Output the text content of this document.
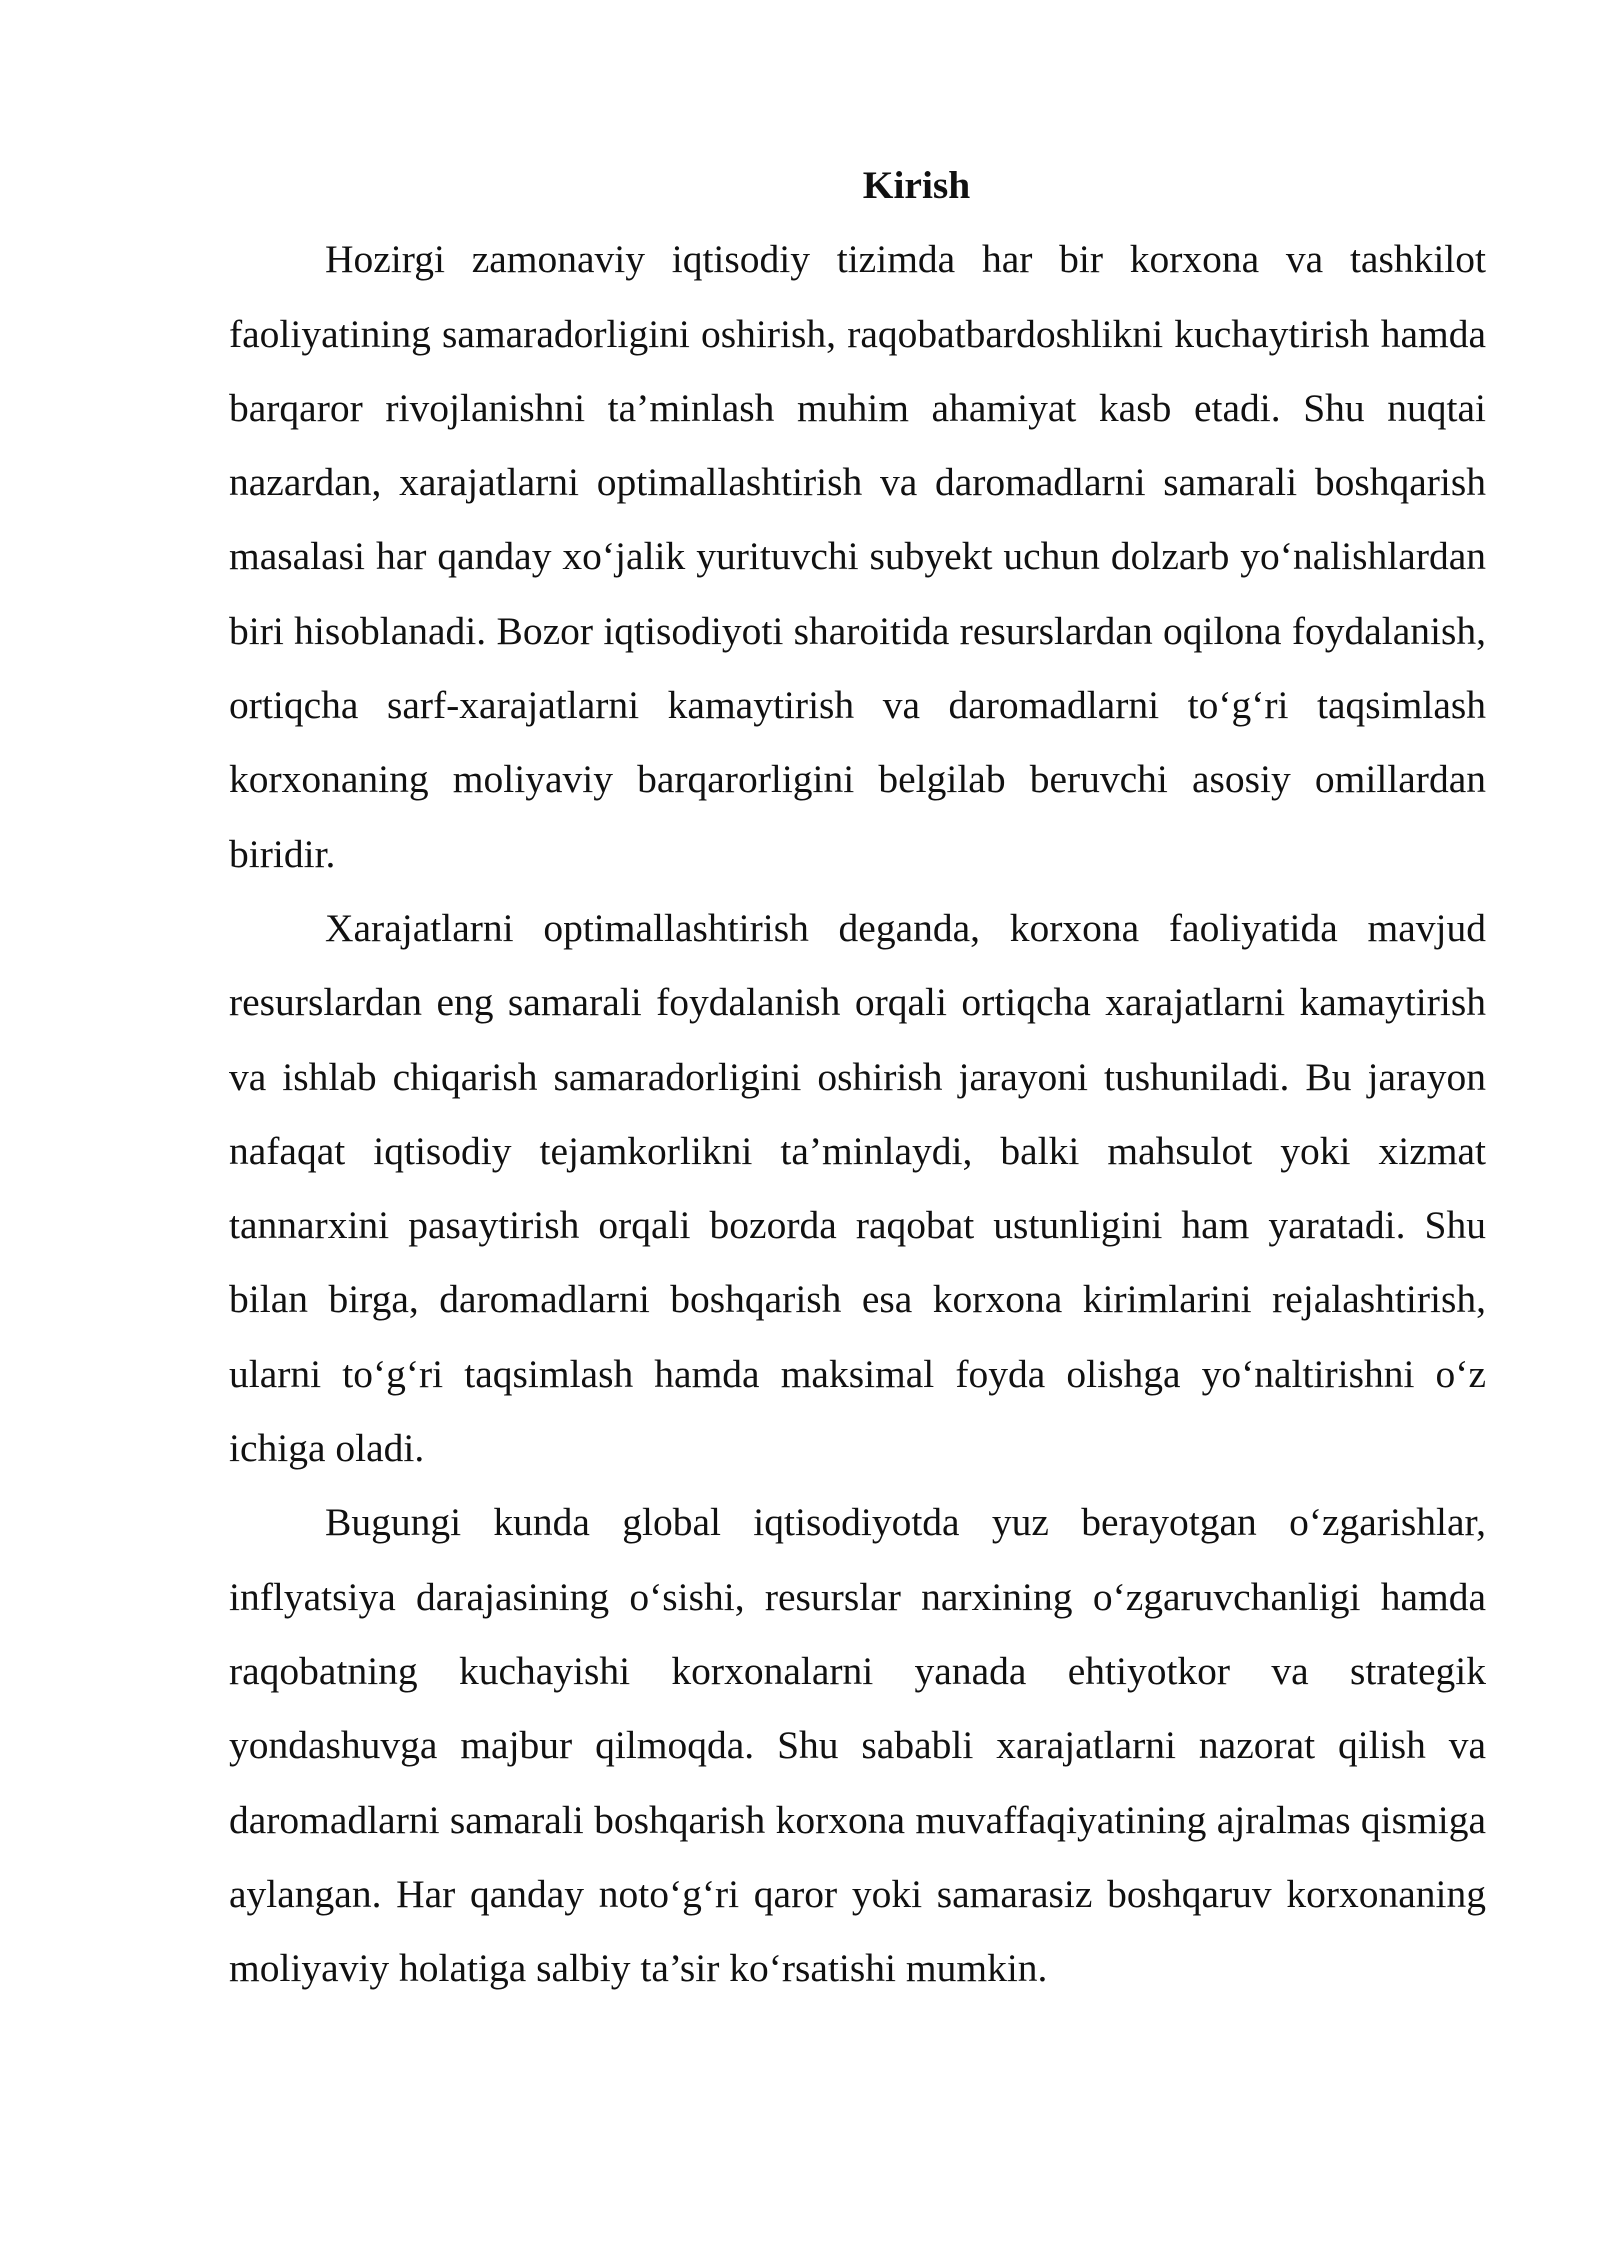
Kirish

Hozirgi zamonaviy iqtisodiy tizimda har bir korxona va tashkilot faoliyatining samaradorligini oshirish, raqobatbardoshlikni kuchaytirish hamda barqaror rivojlanishni ta’minlash muhim ahamiyat kasb etadi. Shu nuqtai nazardan, xarajatlarni optimallashtirish va daromadlarni samarali boshqarish masalasi har qanday xo‘jalik yurituvchi subyekt uchun dolzarb yo‘nalishlardan biri hisoblanadi. Bozor iqtisodiyoti sharoitida resurslardan oqilona foydalanish, ortiqcha sarf-xarajatlarni kamaytirish va daromadlarni to‘g‘ri taqsimlash korxonaning moliyaviy barqarorligini belgilab beruvchi asosiy omillardan biridir.

Xarajatlarni optimallashtirish deganda, korxona faoliyatida mavjud resurslardan eng samarali foydalanish orqali ortiqcha xarajatlarni kamaytirish va ishlab chiqarish samaradorligini oshirish jarayoni tushuniladi. Bu jarayon nafaqat iqtisodiy tejamkorlikni ta’minlaydi, balki mahsulot yoki xizmat tannarxini pasaytirish orqali bozorda raqobat ustunligini ham yaratadi. Shu bilan birga, daromadlarni boshqarish esa korxona kirimlarini rejalashtirish, ularni to‘g‘ri taqsimlash hamda maksimal foyda olishga yo‘naltirishni o‘z ichiga oladi.

Bugungi kunda global iqtisodiyotda yuz berayotgan o‘zgarishlar, inflyatsiya darajasining o‘sishi, resurslar narxining o‘zgaruvchanligi hamda raqobatning kuchayishi korxonalarni yanada ehtiyotkor va strategik yondashuvga majbur qilmoqda. Shu sababli xarajatlarni nazorat qilish va daromadlarni samarali boshqarish korxona muvaffaqiyatining ajralmas qismiga aylangan. Har qanday noto‘g‘ri qaror yoki samarasiz boshqaruv korxonaning moliyaviy holatiga salbiy ta’sir ko‘rsatishi mumkin.
